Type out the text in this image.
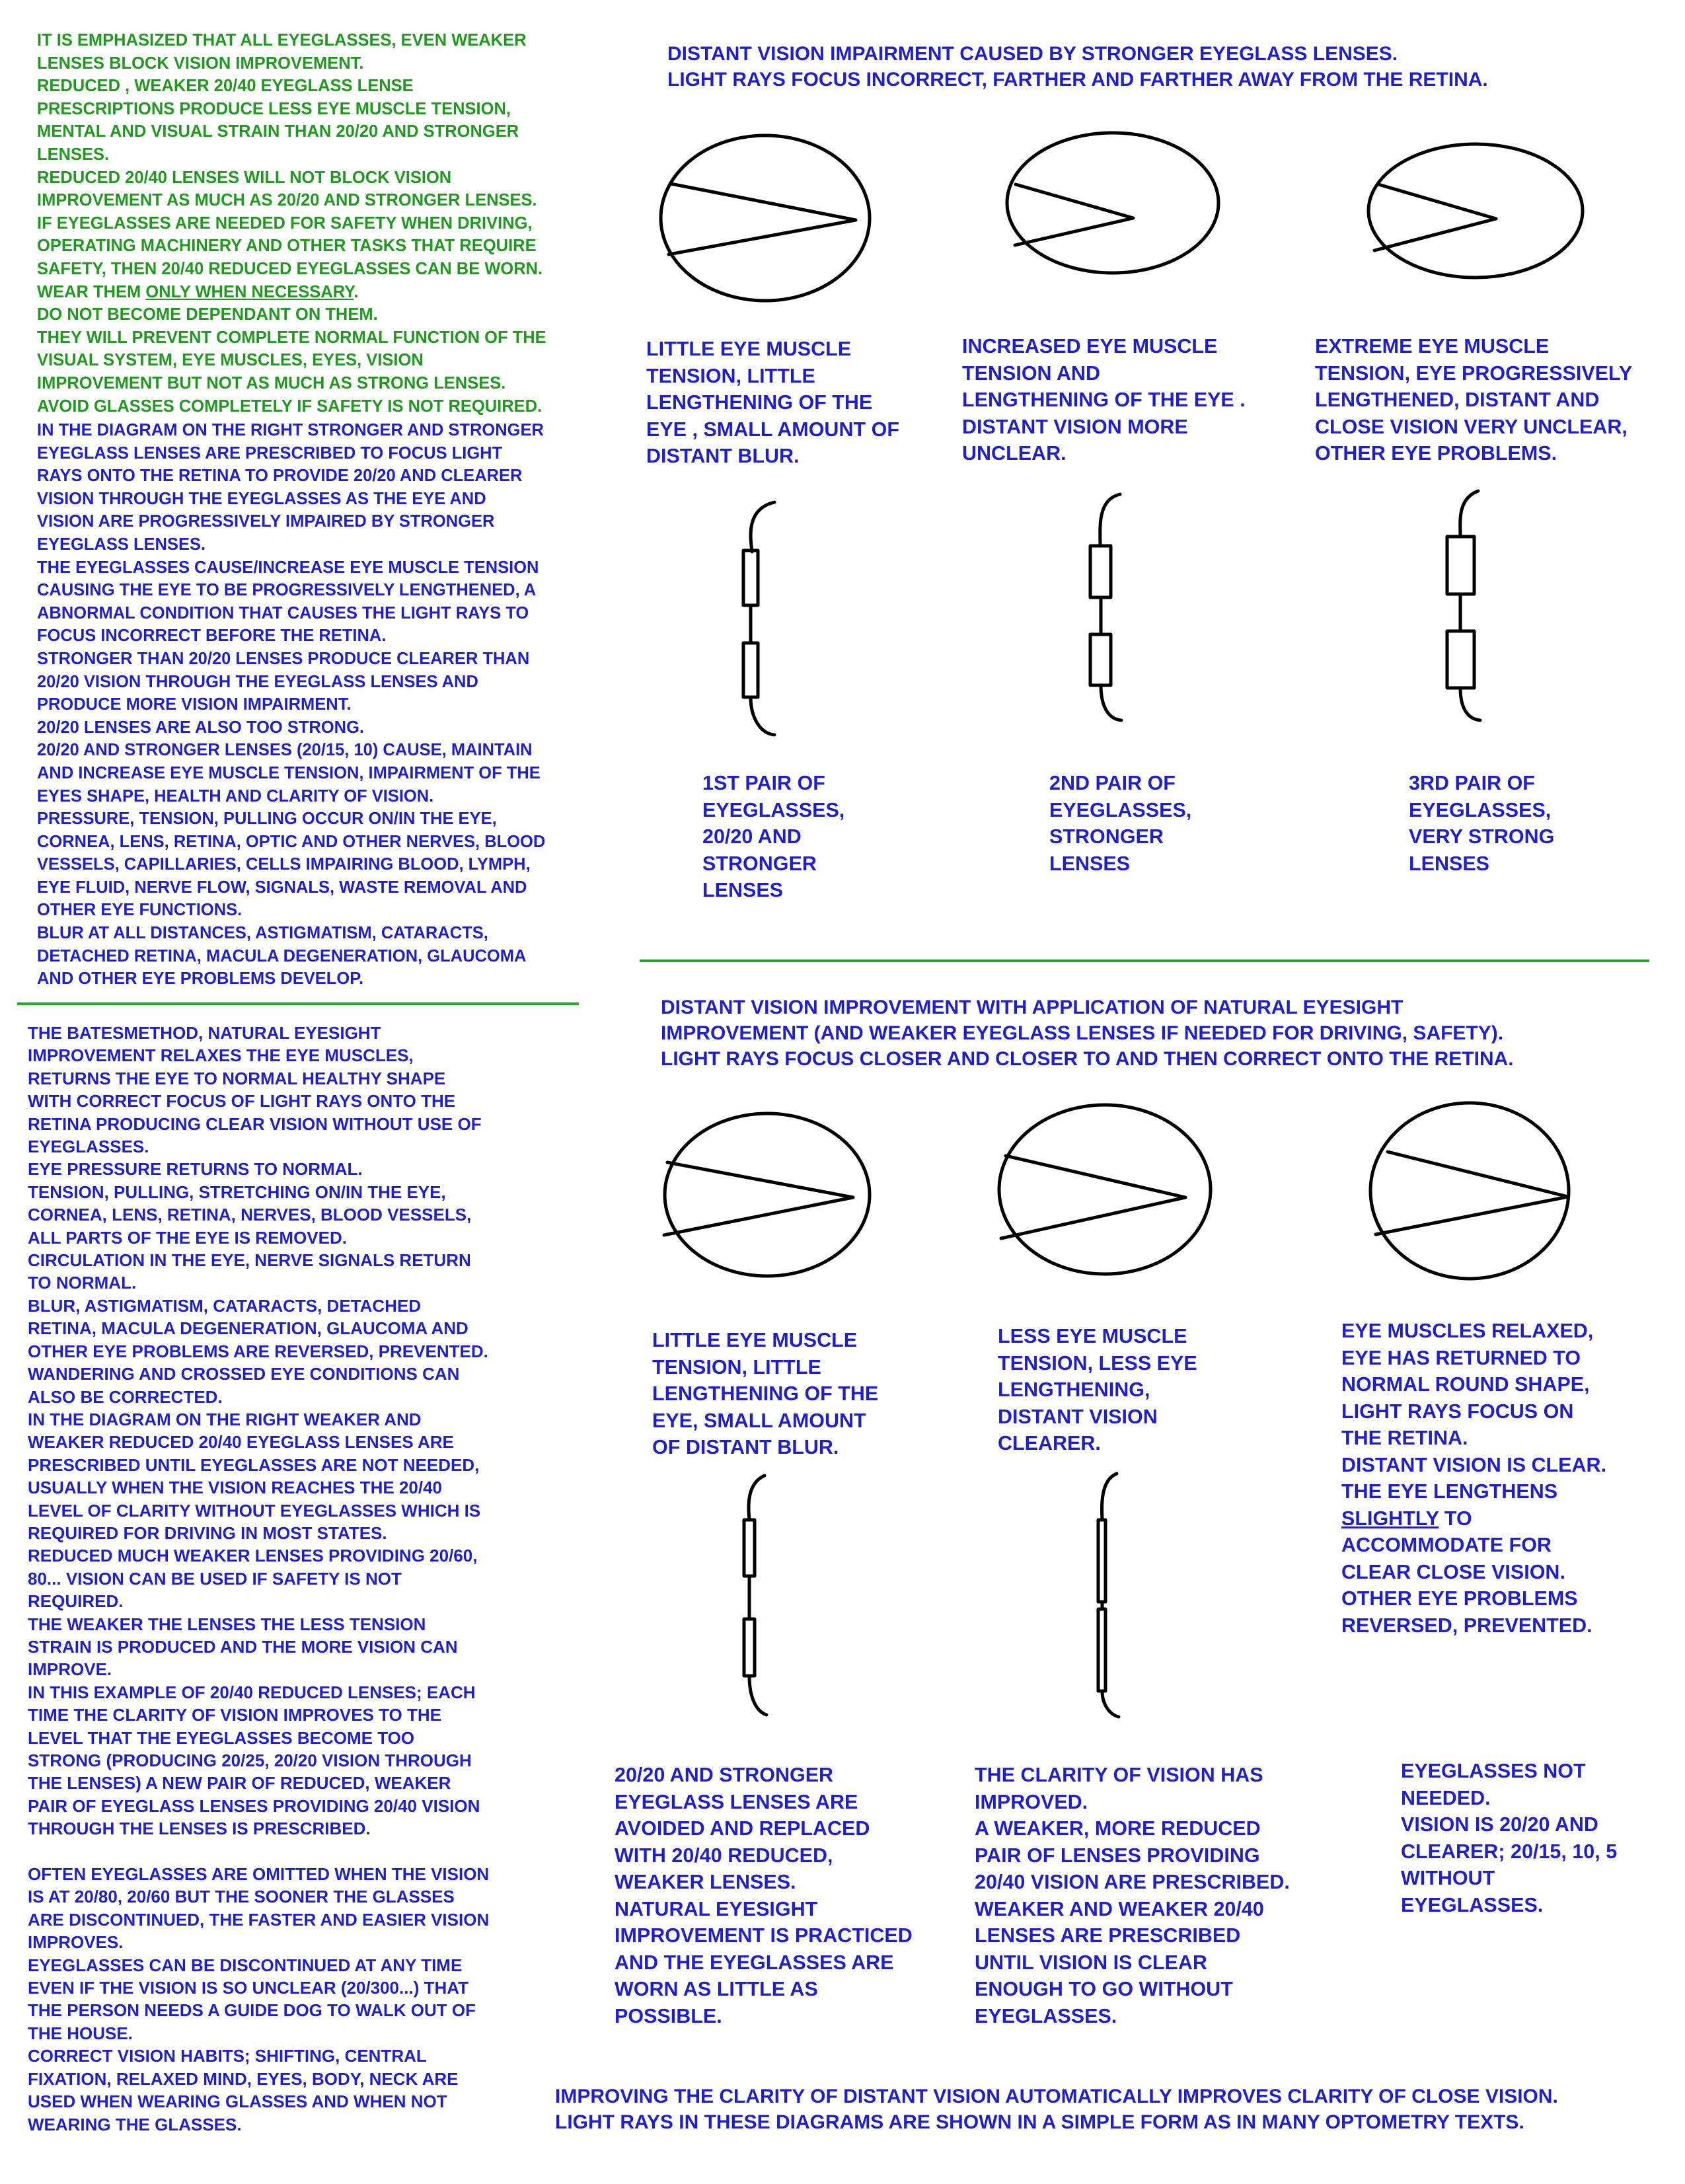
IT IS EMPHASIZED THAT ALL EYEGLASSES, EVEN WEAKER
LENSES BLOCK VISION IMPROVEMENT.
REDUCED , WEAKER 20/40 EYEGLASS LENSE
PRESCRIPTIONS PRODUCE LESS EYE MUSCLE TENSION,
MENTAL AND VISUAL STRAIN THAN 20/20 AND STRONGER
LENSES.
REDUCED 20/40 LENSES WILL NOT BLOCK VISION
IMPROVEMENT AS MUCH AS 20/20 AND STRONGER LENSES.
IF EYEGLASSES ARE NEEDED FOR SAFETY WHEN DRIVING,
OPERATING MACHINERY AND OTHER TASKS THAT REQUIRE
SAFETY, THEN 20/40 REDUCED EYEGLASSES CAN BE WORN.
WEAR THEM ONLY WHEN NECESSARY.
DO NOT BECOME DEPENDANT ON THEM.
THEY WILL PREVENT COMPLETE NORMAL FUNCTION OF THE
VISUAL SYSTEM, EYE MUSCLES, EYES, VISION
IMPROVEMENT BUT NOT AS MUCH AS STRONG LENSES.
AVOID GLASSES COMPLETELY IF SAFETY IS NOT REQUIRED.
IN THE DIAGRAM ON THE RIGHT STRONGER AND STRONGER
EYEGLASS LENSES ARE PRESCRIBED TO FOCUS LIGHT
RAYS ONTO THE RETINA TO PROVIDE 20/20 AND CLEARER
VISION THROUGH THE EYEGLASSES AS THE EYE AND
VISION ARE PROGRESSIVELY IMPAIRED BY STRONGER
EYEGLASS LENSES.
THE EYEGLASSES CAUSE/INCREASE EYE MUSCLE TENSION
CAUSING THE EYE TO BE PROGRESSIVELY LENGTHENED, A
ABNORMAL CONDITION THAT CAUSES THE LIGHT RAYS TO
FOCUS INCORRECT BEFORE THE RETINA.
STRONGER THAN 20/20 LENSES PRODUCE CLEARER THAN
20/20 VISION THROUGH THE EYEGLASS LENSES AND
PRODUCE MORE VISION IMPAIRMENT.
20/20 LENSES ARE ALSO TOO STRONG.
20/20 AND STRONGER LENSES (20/15, 10) CAUSE, MAINTAIN
AND INCREASE EYE MUSCLE TENSION, IMPAIRMENT OF THE
EYES SHAPE, HEALTH AND CLARITY OF VISION.
PRESSURE, TENSION, PULLING OCCUR ON/IN THE EYE,
CORNEA, LENS, RETINA, OPTIC AND OTHER NERVES, BLOOD
VESSELS, CAPILLARIES, CELLS IMPAIRING BLOOD, LYMPH,
EYE FLUID, NERVE FLOW, SIGNALS, WASTE REMOVAL AND
OTHER EYE FUNCTIONS.
BLUR AT ALL DISTANCES, ASTIGMATISM, CATARACTS,
DETACHED RETINA, MACULA DEGENERATION, GLAUCOMA
AND OTHER EYE PROBLEMS DEVELOP.
THE BATESMETHOD, NATURAL EYESIGHT
IMPROVEMENT RELAXES THE EYE MUSCLES,
RETURNS THE EYE TO NORMAL HEALTHY SHAPE
WITH CORRECT FOCUS OF LIGHT RAYS ONTO THE
RETINA PRODUCING CLEAR VISION WITHOUT USE OF
EYEGLASSES.
EYE PRESSURE RETURNS TO NORMAL.
TENSION, PULLING, STRETCHING ON/IN THE EYE,
CORNEA, LENS, RETINA, NERVES, BLOOD VESSELS,
ALL PARTS OF THE EYE IS REMOVED.
CIRCULATION IN THE EYE, NERVE SIGNALS RETURN
TO NORMAL.
BLUR, ASTIGMATISM, CATARACTS, DETACHED
RETINA, MACULA DEGENERATION, GLAUCOMA AND
OTHER EYE PROBLEMS ARE REVERSED, PREVENTED.
WANDERING AND CROSSED EYE CONDITIONS CAN
ALSO BE CORRECTED.
IN THE DIAGRAM ON THE RIGHT WEAKER AND
WEAKER REDUCED 20/40 EYEGLASS LENSES ARE
PRESCRIBED UNTIL EYEGLASSES ARE NOT NEEDED,
USUALLY WHEN THE VISION REACHES THE 20/40
LEVEL OF CLARITY WITHOUT EYEGLASSES WHICH IS
REQUIRED FOR DRIVING IN MOST STATES.
REDUCED MUCH WEAKER LENSES PROVIDING 20/60,
80... VISION CAN BE USED IF SAFETY IS NOT
REQUIRED.
THE WEAKER THE LENSES THE LESS TENSION
STRAIN IS PRODUCED AND THE MORE VISION CAN
IMPROVE.
IN THIS EXAMPLE OF 20/40 REDUCED LENSES; EACH
TIME THE CLARITY OF VISION IMPROVES TO THE
LEVEL THAT THE EYEGLASSES BECOME TOO
STRONG (PRODUCING 20/25, 20/20 VISION THROUGH
THE LENSES) A NEW PAIR OF REDUCED, WEAKER
PAIR OF EYEGLASS LENSES PROVIDING 20/40 VISION
THROUGH THE LENSES IS PRESCRIBED.

OFTEN EYEGLASSES ARE OMITTED WHEN THE VISION
IS AT 20/80, 20/60 BUT THE SOONER THE GLASSES
ARE DISCONTINUED, THE FASTER AND EASIER VISION
IMPROVES.
EYEGLASSES CAN BE DISCONTINUED AT ANY TIME
EVEN IF THE VISION IS SO UNCLEAR (20/300...) THAT
THE PERSON NEEDS A GUIDE DOG TO WALK OUT OF
THE HOUSE.
CORRECT VISION HABITS; SHIFTING, CENTRAL
FIXATION, RELAXED MIND, EYES, BODY, NECK ARE
USED WHEN WEARING GLASSES AND WHEN NOT
WEARING THE GLASSES.
DISTANT VISION IMPAIRMENT CAUSED BY STRONGER EYEGLASS LENSES.
LIGHT RAYS FOCUS INCORRECT, FARTHER AND FARTHER AWAY FROM THE RETINA.
LITTLE EYE MUSCLE
TENSION, LITTLE
LENGTHENING OF THE
EYE , SMALL AMOUNT OF
DISTANT BLUR.
INCREASED EYE MUSCLE
TENSION AND
LENGTHENING OF THE EYE .
DISTANT VISION MORE
UNCLEAR.
EXTREME EYE MUSCLE
TENSION, EYE PROGRESSIVELY
LENGTHENED, DISTANT AND
CLOSE VISION VERY UNCLEAR,
OTHER EYE PROBLEMS.
1ST PAIR OF
EYEGLASSES,
20/20 AND
STRONGER
LENSES
2ND PAIR OF
EYEGLASSES,
STRONGER
LENSES
3RD PAIR OF
EYEGLASSES,
VERY STRONG
LENSES
DISTANT VISION IMPROVEMENT WITH APPLICATION OF NATURAL EYESIGHT
IMPROVEMENT (AND WEAKER EYEGLASS LENSES IF NEEDED FOR DRIVING, SAFETY).
LIGHT RAYS FOCUS CLOSER AND CLOSER TO AND THEN CORRECT ONTO THE RETINA.
LITTLE EYE MUSCLE
TENSION, LITTLE
LENGTHENING OF THE
EYE, SMALL AMOUNT
OF DISTANT BLUR.
LESS EYE MUSCLE
TENSION, LESS EYE
LENGTHENING,
DISTANT VISION
CLEARER.
EYE MUSCLES RELAXED,
EYE HAS RETURNED TO
NORMAL ROUND SHAPE,
LIGHT RAYS FOCUS ON
THE RETINA.
DISTANT VISION IS CLEAR.
THE EYE LENGTHENS
SLIGHTLY TO
ACCOMMODATE FOR
CLEAR CLOSE VISION.
OTHER EYE PROBLEMS
REVERSED, PREVENTED.
20/20 AND STRONGER
EYEGLASS LENSES ARE
AVOIDED AND REPLACED
WITH 20/40 REDUCED,
WEAKER LENSES.
NATURAL EYESIGHT
IMPROVEMENT IS PRACTICED
AND THE EYEGLASSES ARE
WORN AS LITTLE AS
POSSIBLE.
THE CLARITY OF VISION HAS
IMPROVED.
A WEAKER, MORE REDUCED
PAIR OF LENSES PROVIDING
20/40 VISION ARE PRESCRIBED.
WEAKER AND WEAKER 20/40
LENSES ARE PRESCRIBED
UNTIL VISION IS CLEAR
ENOUGH TO GO WITHOUT
EYEGLASSES.
EYEGLASSES NOT
NEEDED.
VISION IS 20/20 AND
CLEARER; 20/15, 10, 5
WITHOUT
EYEGLASSES.
IMPROVING THE CLARITY OF DISTANT VISION AUTOMATICALLY IMPROVES CLARITY OF CLOSE VISION.
LIGHT RAYS IN THESE DIAGRAMS ARE SHOWN IN A SIMPLE FORM AS IN MANY OPTOMETRY TEXTS.
